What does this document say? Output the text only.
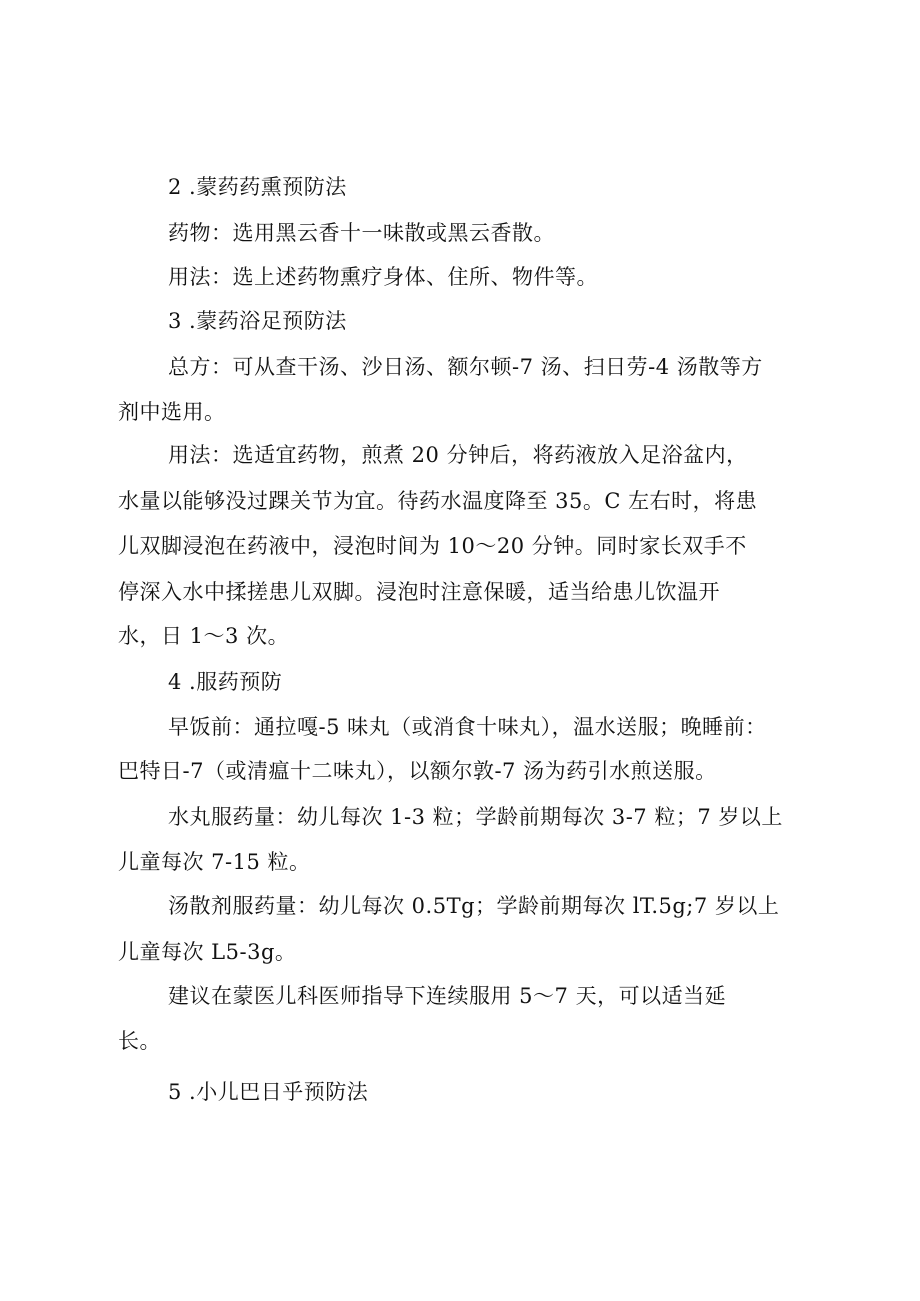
2 .蒙药药熏预防法
药物：选用黑云香十一味散或黑云香散。
用法：选上述药物熏疗身体、住所、物件等。
3 .蒙药浴足预防法
总方：可从查干汤、沙日汤、额尔顿-7 汤、扫日劳-4 汤散等方
剂中选用。
用法：选适宜药物，煎煮 20 分钟后，将药液放入足浴盆内，
水量以能够没过踝关节为宜。待药水温度降至 35。C 左右时，将患
儿双脚浸泡在药液中，浸泡时间为 10～20 分钟。同时家长双手不
停深入水中揉搓患儿双脚。浸泡时注意保暖，适当给患儿饮温开
水，日 1～3 次。
4 .服药预防
早饭前：通拉嘎-5 味丸（或消食十味丸），温水送服；晚睡前：
巴特日-7（或清瘟十二味丸），以额尔敦-7 汤为药引水煎送服。
水丸服药量：幼儿每次 1-3 粒；学龄前期每次 3-7 粒；7 岁以上
儿童每次 7-15 粒。
汤散剂服药量：幼儿每次 0.5Tg；学龄前期每次 lT.5g;7 岁以上
儿童每次 L5-3g。
建议在蒙医儿科医师指导下连续服用 5～7 天，可以适当延
长。
5 .小儿巴日乎预防法
